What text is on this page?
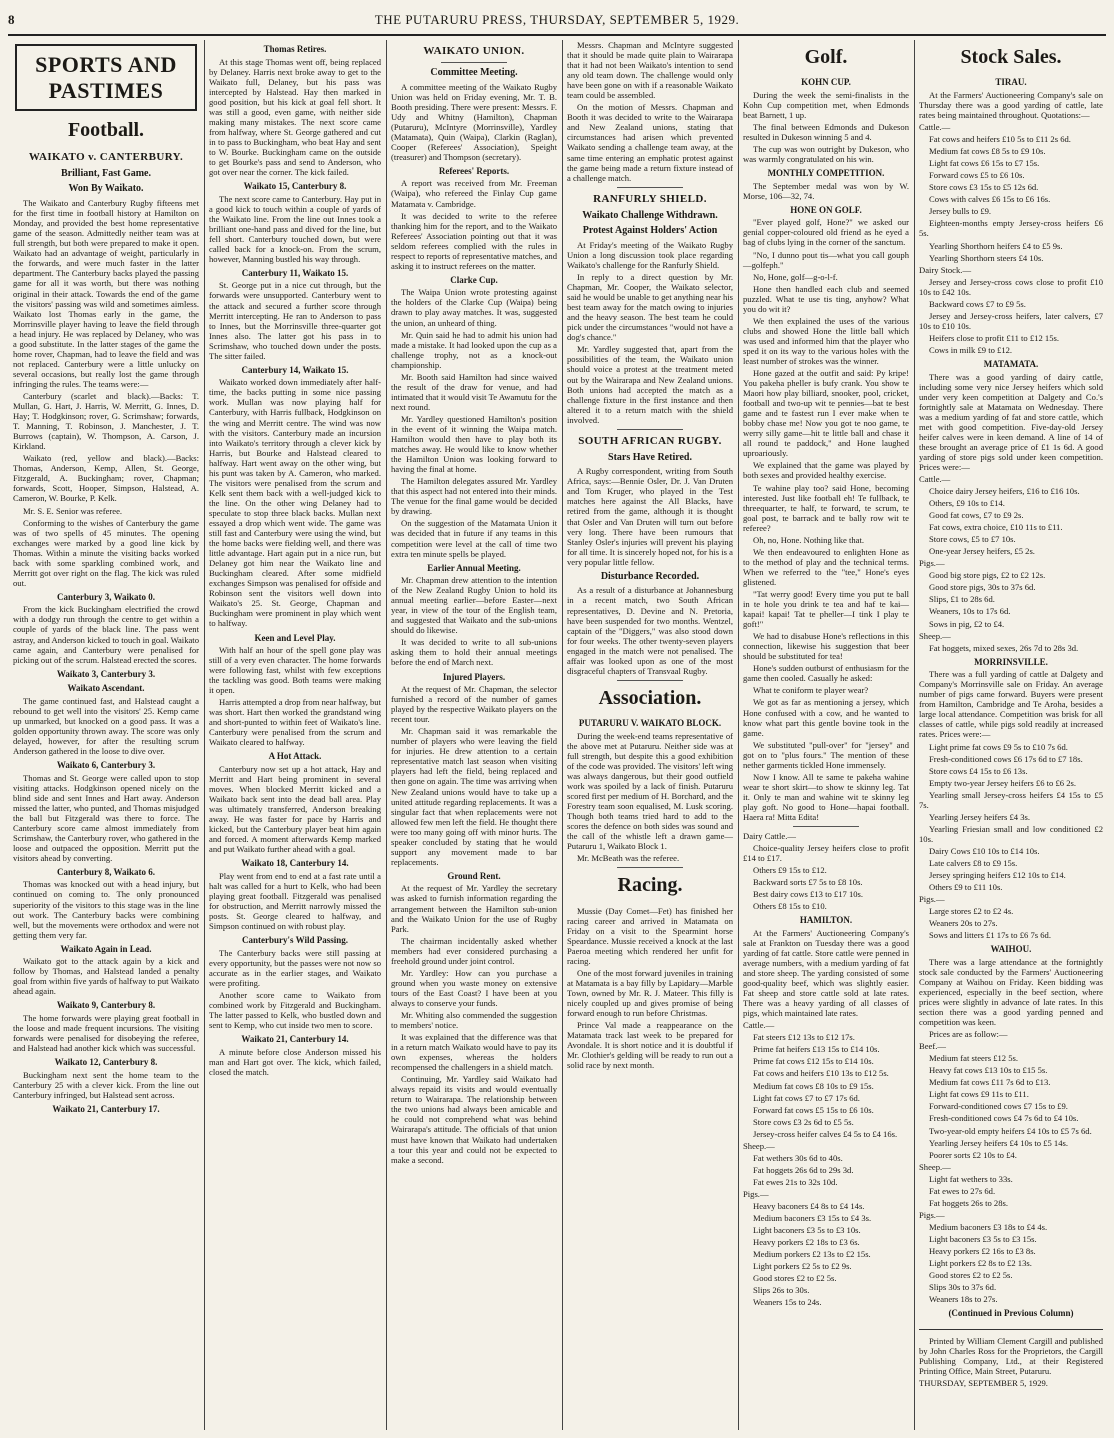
8	THE PUTARURU PRESS, THURSDAY, SEPTEMBER 5, 1929.
SPORTS AND PASTIMES
Football.
WAIKATO v. CANTERBURY.
Brilliant, Fast Game.
Won By Waikato.

The Waikato and Canterbury Rugby fifteens met for the first time in football history at Hamilton on Monday, and provided the best home representative game of the season. Admittedly neither team was at full strength, but both were prepared to make it open. Waikato had an advantage of weight, particularly in the forwards, and were much faster in the latter department. The Canterbury backs played the passing game for all it was worth, but there was nothing original in their attack. Towards the end of the game the visitors' passing was wild and sometimes aimless. Waikato lost Thomas early in the game, the Morrinsville player having to leave the field through a head injury. He was replaced by Delaney, who was a good substitute. In the latter stages of the game the home rover, Chapman, had to leave the field and was not replaced. Canterbury were a little unlucky on several occasions, but really lost the game through infringing the rules. The teams were:—

Canterbury (scarlet and black).—Backs: T. Mullan, G. Hart, J. Harris, W. Merritt, G. Innes, D. Hay; T. Hodgkinson; rover, G. Scrimshaw; forwards, T. Manning, T. Robinson, J. Manchester, J. T. Burrows (captain), W. Thompson, A. Carson, J. Kirkland.

Waikato (red, yellow and black).—Backs: Thomas, Anderson, Kemp, Allen, St. George, Fitzgerald, A. Buckingham; rover, Chapman; forwards, Scott, Hooper, Simpson, Halstead, A. Cameron, W. Bourke, P. Kelk.

Mr. S. E. Senior was referee.

Conforming to the wishes of Canterbury the game was of two spells of 45 minutes. The opening exchanges were marked by a good line kick by Thomas. Within a minute the visiting backs worked back with some sparkling combined work, and Merritt got over right on the flag. The kick was ruled out.

Canterbury 3, Waikato 0.

From the kick Buckingham electrified the crowd with a dodgy run through the centre to get within a couple of yards of the black line. The pass went astray, and Anderson kicked to touch in goal. Waikato came again, and Canterbury were penalised for picking out of the scrum. Halstead erected the scores.

Waikato 3, Canterbury 3.
Waikato Ascendant.

The game continued fast, and Halstead caught a rebound to get well into the visitors' 25. Kemp came up unmarked, but knocked on a good pass. It was a golden opportunity thrown away. The score was only delayed, however, for after the resulting scrum Anderson gathered in the loose to dive over.

Waikato 6, Canterbury 3.

Thomas and St. George were called upon to stop visiting attacks. Hodgkinson opened nicely on the blind side and sent Innes and Hart away. Anderson missed the latter, who punted, and Thomas misjudged the ball but Fitzgerald was there to force. The Canterbury score came almost immediately from Scrimshaw, the Canterbury rover, who gathered in the loose and outpaced the opposition. Merritt put the visitors ahead by converting.

Canterbury 8, Waikato 6.

Thomas was knocked out with a head injury, but continued on coming to. The only pronounced superiority of the visitors to this stage was in the line out work. The Canterbury backs were combining well, but the movements were orthodox and were not getting them very far.

Waikato Again in Lead.

Waikato got to the attack again by a kick and follow by Thomas, and Halstead landed a penalty goal from within five yards of halfway to put Waikato ahead again.

Waikato 9, Canterbury 8.

The home forwards were playing great football in the loose and made frequent incursions. The visiting forwards were penalised for disobeying the referee, and Halstead had another kick which was successful.

Waikato 12, Canterbury 8.

Buckingham next sent the home team to the Canterbury 25 with a clever kick. From the line out Canterbury infringed, but Halstead sent across.

Waikato 21, Canterbury 17.
Thomas Retires.

At this stage Thomas went off, being replaced by Delaney. Harris next broke away to get to the Waikato full, Delaney, but his pass was intercepted by Halstead. Hay then marked in good position, but his kick at goal fell short. It was still a good, even game, with neither side making many mistakes. The next score came from halfway, where St. George gathered and cut in to pass to Buckingham, who beat Hay and sent to W. Bourke. Buckingham came on the outside to get Bourke's pass and send to Anderson, who got over near the corner. The kick failed.

Waikato 15, Canterbury 8.

The next score came to Canterbury. Hay put in a good kick to touch within a couple of yards of the Waikato line. From the line out Innes took a brilliant one-hand pass and dived for the line, but fell short. Canterbury touched down, but were called back for a knock-on. From the scrum, however, Manning bustled his way through.

Canterbury 11, Waikato 15.

St. George put in a nice cut through, but the forwards were unsupported. Canterbury went to the attack and secured a further score through Merritt intercepting. He ran to Anderson to pass to Innes, but the Morrinsville three-quarter got Innes also. The latter got his pass in to Scrimshaw, who touched down under the posts. The sitter failed.

Canterbury 14, Waikato 15.

Waikato worked down immediately after half-time, the backs putting in some nice passing work. Mullan was now playing half for Canterbury, with Harris fullback, Hodgkinson on the wing and Merritt centre. The wind was now with the visitors. Canterbury made an incursion into Waikato's territory through a clever kick by Harris, but Bourke and Halstead cleared to halfway. Hart went away on the other wing, but his punt was taken by A. Cameron, who marked. The visitors were penalised from the scrum and Kelk sent them back with a well-judged kick to the line. On the other wing Delaney had to speculate to stop three black backs. Mullan next essayed a drop which went wide. The game was still fast and Canterbury were using the wind, but the home backs were fielding well, and there was little advantage. Hart again put in a nice run, but Delaney got him near the Waikato line and Buckingham cleared. After some midfield exchanges Simpson was penalised for offside and Robinson sent the visitors well down into Waikato's 25. St. George, Chapman and Buckingham were prominent in play which went to halfway.

Keen and Level Play.

With half an hour of the spell gone play was still of a very even character. The home forwards were following fast, whilst with few exceptions the tackling was good. Both teams were making it open.

Harris attempted a drop from near halfway, but was short. Hart then worked the grandstand wing and short-punted to within feet of Waikato's line. Canterbury were penalised from the scrum and Waikato cleared to halfway.

A Hot Attack.

Canterbury now set up a hot attack, Hay and Merritt and Hart being prominent in several moves. When blocked Merritt kicked and a Waikato back sent into the dead ball area. Play was ultimately transferred, Anderson breaking away. He was faster for pace by Harris and kicked, but the Canterbury player beat him again and forced. A moment afterwards Kemp marked and put Waikato further ahead with a goal.

Waikato 18, Canterbury 14.

Play went from end to end at a fast rate until a halt was called for a hurt to Kelk, who had been playing great football. Fitzgerald was penalised for obstruction, and Merritt narrowly missed the posts. St. George cleared to halfway, and Simpson continued on with robust play.

Canterbury's Wild Passing.

The Canterbury backs were still passing at every opportunity, but the passes were not now so accurate as in the earlier stages, and Waikato were profiting.

Another score came to Waikato from combined work by Fitzgerald and Buckingham. The latter passed to Kelk, who bustled down and sent to Kemp, who cut inside two men to score.

Waikato 21, Canterbury 14.

A minute before close Anderson missed his man and Hart got over. The kick, which failed, closed the match.

WAIKATO UNION.
Committee Meeting.

A committee meeting of the Waikato Rugby Union was held on Friday evening, Mr. T. B. Booth presiding. There were present: Messrs. F. Udy and Whitny (Hamilton), Chapman (Putaruru), McIntyre (Morrinsville), Yardley (Matamata), Quin (Waipa), Clarkin (Raglan), Cooper (Referees' Association), Speight (treasurer) and Thompson (secretary).

Referees' Reports.

A report was received from Mr. Freeman (Waipa), who refereed the Finlay Cup game Matamata v. Cambridge.

It was decided to write to the referee thanking him for the report, and to the Waikato Referees' Association pointing out that it was seldom referees complied with the rules in respect to reports of representative matches, and asking it to instruct referees on the matter.

Clarke Cup.

The Waipa Union wrote protesting against the holders of the Clarke Cup (Waipa) being drawn to play away matches. It was, suggested the union, an unheard of thing.

Mr. Quin said he had to admit his union had made a mistake. It had looked upon the cup as a challenge trophy, not as a knock-out championship.

Mr. Booth said Hamilton had since waived the result of the draw for venue, and had intimated that it would visit Te Awamutu for the next round.

Mr. Yardley questioned Hamilton's position in the event of it winning the Waipa match. Hamilton would then have to play both its matches away. He would like to know whether the Hamilton Union was looking forward to having the final at home.

The Hamilton delegates assured Mr. Yardley that this aspect had not entered into their minds. The venue for the final game would be decided by drawing.

On the suggestion of the Matamata Union it was decided that in future if any teams in this competition were level at the call of time two extra ten minute spells be played.

Earlier Annual Meeting.

Mr. Chapman drew attention to the intention of the New Zealand Rugby Union to hold its annual meeting earlier—before Easter—next year, in view of the tour of the English team, and suggested that Waikato and the sub-unions should do likewise.

It was decided to write to all sub-unions asking them to hold their annual meetings before the end of March next.

Injured Players.

At the request of Mr. Chapman, the selector furnished a record of the number of games played by the respective Waikato players on the recent tour.

Mr. Chapman said it was remarkable the number of players who were leaving the field for injuries. He drew attention to a certain representative match last season when visiting players had left the field, being replaced and then gone on again. The time was arriving when New Zealand unions would have to take up a united attitude regarding replacements. It was a singular fact that when replacements were not allowed few men left the field. He thought there were too many going off with minor hurts. The speaker concluded by stating that he would support any movement made to bar replacements.

Ground Rent.

At the request of Mr. Yardley the secretary was asked to furnish information regarding the arrangement between the Hamilton sub-union and the Waikato Union for the use of Rugby Park.

The chairman incidentally asked whether members had ever considered purchasing a freehold ground under joint control.

Mr. Yardley: How can you purchase a ground when you waste money on extensive tours of the East Coast? I have been at you always to conserve your funds.

Mr. Whiting also commended the suggestion to members' notice.

It was explained that the difference was that in a return match Waikato would have to pay its own expenses, whereas the holders recompensed the challengers in a shield match.

Continuing, Mr. Yardley said Waikato had always repaid its visits and would eventually return to Wairarapa. The relationship between the two unions had always been amicable and he could not comprehend what was behind Wairarapa's attitude. The officials of that union must have known that Waikato had undertaken a tour this year and could not be expected to make a second.

Messrs. Chapman and McIntyre suggested that it should be made quite plain to Wairarapa that it had not been Waikato's intention to send any old team down. The challenge would only have been gone on with if a reasonable Waikato team could be assembled.

On the motion of Messrs. Chapman and Booth it was decided to write to the Wairarapa and New Zealand unions, stating that circumstances had arisen which prevented Waikato sending a challenge team away, at the same time entering an emphatic protest against the game being made a return fixture instead of a challenge match.

RANFURLY SHIELD.
Waikato Challenge Withdrawn.
Protest Against Holders' Action

At Friday's meeting of the Waikato Rugby Union a long discussion took place regarding Waikato's challenge for the Ranfurly Shield.

In reply to a direct question by Mr. Chapman, Mr. Cooper, the Waikato selector, said he would be unable to get anything near his best team away for the match owing to injuries and the heavy season. The best team he could pick under the circumstances "would not have a dog's chance."

Mr. Yardley suggested that, apart from the possibilities of the team, the Waikato union should voice a protest at the treatment meted out by the Wairarapa and New Zealand unions. Both unions had accepted the match as a challenge fixture in the first instance and then altered it to a return match with the shield involved.

SOUTH AFRICAN RUGBY.
Stars Have Retired.

A Rugby correspondent, writing from South Africa, says:—Bennie Osler, Dr. J. Van Druten and Tom Kruger, who played in the Test matches here against the All Blacks, have retired from the game, although it is thought that Osler and Van Druten will turn out before very long. There have been rumours that Stanley Osler's injuries will prevent his playing for all time. It is sincerely hoped not, for his is a very popular little fellow.

Disturbance Recorded.

As a result of a disturbance at Johannesburg in a recent match, two South African representatives, D. Devine and N. Pretoria, have been suspended for two months. Wentzel, captain of the "Diggers," was also stood down for four weeks. The other twenty-seven players engaged in the match were not penalised. The affair was looked upon as one of the most disgraceful chapters of Transvaal Rugby.

Association.
PUTARURU V. WAIKATO BLOCK.

During the week-end teams representative of the above met at Putaruru. Neither side was at full strength, but despite this a good exhibition of the code was provided. The visitors' left wing was always dangerous, but their good outfield work was spoiled by a lack of finish. Putaruru scored first per medium of H. Borchard, and the Forestry team soon equalised, M. Lusk scoring. Though both teams tried hard to add to the scores the defence on both sides was sound and the call of the whistle left a drawn game—Putaruru 1, Waikato Block 1.

Mr. McBeath was the referee.

Racing.

Mussie (Day Comet—Fet) has finished her racing career and arrived in Matamata on Friday on a visit to the Spearmint horse Speardance. Mussie received a knock at the last Paeroa meeting which rendered her unfit for racing.

One of the most forward juveniles in training at Matamata is a bay filly by Lapidary—Marble Town, owned by Mr. R. J. Mateer. This filly is nicely coupled up and gives promise of being forward enough to run before Christmas.

Prince Val made a reappearance on the Matamata track last week to be prepared for Avondale. It is short notice and it is doubtful if Mr. Clothier's gelding will be ready to run out a solid race by next month.

Golf.
KOHN CUP.

During the week the semi-finalists in the Kohn Cup competition met, when Edmonds beat Barnett, 1 up.

The final between Edmonds and Dukeson resulted in Dukeson winning 5 and 4.

The cup was won outright by Dukeson, who was warmly congratulated on his win.

MONTHLY COMPETITION.

The September medal was won by W. Morse, 106—32, 74.

HONE ON GOLF.

"Ever played golf, Hone?" we asked our genial copper-coloured old friend as he eyed a bag of clubs lying in the corner of the sanctum.

"No, I dunno pout tis—what you call gouph—golfeph."

No, Hone, golf—g-o-l-f.

Hone then handled each club and seemed puzzled. What te use tis ting, anyhow? What you do wit it?

We then explained the uses of the various clubs and showed Hone the little ball which was used and informed him that the player who sped it on its way to the various holes with the least number of strokes was the winner.

Hone gazed at the outfit and said: Py kripe! You pakeha pheller is bufy crank. You show te Maori how play billiard, snooker, pool, cricket, football and two-up wit te pennies—bat te best game and te fastest run I ever make when te bobby chase me! Now you got te noo game, te werry silly game—hit te little ball and chase it all round te paddock," and Hone laughed uproariously.

We explained that the game was played by both sexes and provided healthy exercise.

Te wahine play too? said Hone, becoming interested. Just like football eh! Te fullback, te threequarter, te half, te forward, te scrum, te goal post, te barrack and te bally row wit te referee?

Oh, no, Hone. Nothing like that.

We then endeavoured to enlighten Hone as to the method of play and the technical terms. When we referred to the "tee," Hone's eyes glistened.

"Tat werry good! Every time you put te ball in te hole you drink te tea and haf te kai—kapai! kapai! Tat te pheller—I tink I play te goft!"

We had to disabuse Hone's reflections in this connection, likewise his suggestion that beer should be substituted for tea!

Hone's sudden outburst of enthusiasm for the game then cooled. Casually he asked:

What te coniform te player wear?

We got as far as mentioning a jersey, which Hone confused with a cow, and he wanted to know what part this gentle bovine took in the game.

We substituted "pull-over" for "jersey" and got on to "plus fours." The mention of these nether garments tickled Hone immensely.

Now I know. All te same te pakeha wahine wear te short skirt—to show te skinny leg. Tat it. Only te man and wahine wit te skinny leg play goft. No good to Hone—hapai football. Haera ra! Mitta Edita!

Dairy Cattle.—

Choice-quality Jersey heifers close to profit £14 to £17.

Others £9 15s to £12.

Backward sorts £7 5s to £8 10s.

Best dairy cows £13 to £17 10s.

Others £8 15s to £10.

HAMILTON.

At the Farmers' Auctioneering Company's sale at Frankton on Tuesday there was a good yarding of fat cattle. Store cattle were penned in average numbers, with a medium yarding of fat and store sheep. The yarding consisted of some good-quality beef, which was slightly easier. Fat sheep and store cattle sold at late rates. There was a heavy yarding of all classes of pigs, which maintained late rates.

Cattle.—

Fat steers £12 13s to £12 17s.

Prime fat heifers £13 15s to £14 10s.

Prime fat cows £12 15s to £14 10s.

Fat cows and heifers £10 13s to £12 5s.

Medium fat cows £8 10s to £9 15s.

Light fat cows £7 to £7 17s 6d.

Forward fat cows £5 15s to £6 10s.

Store cows £3 2s 6d to £5 5s.

Jersey-cross heifer calves £4 5s to £4 16s.

Sheep.—

Fat wethers 30s 6d to 40s.

Fat hoggets 26s 6d to 29s 3d.

Fat ewes 21s to 32s 10d.

Pigs.—

Heavy baconers £4 8s to £4 14s.

Medium baconers £3 15s to £4 3s.

Light baconers £3 5s to £3 10s.

Heavy porkers £2 18s to £3 6s.

Medium porkers £2 13s to £2 15s.

Light porkers £2 5s to £2 9s.

Good stores £2 to £2 5s.

Slips 26s to 30s.

Weaners 15s to 24s.

Stock Sales.
TIRAU.

At the Farmers' Auctioneering Company's sale on Thursday there was a good yarding of cattle, late rates being maintained throughout. Quotations:—

Cattle.—

Fat cows and heifers £10 5s to £11 2s 6d.

Medium fat cows £8 5s to £9 10s.

Light fat cows £6 15s to £7 15s.

Forward cows £5 to £6 10s.

Store cows £3 15s to £5 12s 6d.

Cows with calves £6 15s to £6 16s.

Jersey bulls to £9.

Eighteen-months empty Jersey-cross heifers £6 5s.

Yearling Shorthorn heifers £4 to £5 9s.

Yearling Shorthorn steers £4 10s.

Dairy Stock.—

Jersey and Jersey-cross cows close to profit £10 10s to £42 10s.

Backward cows £7 to £9 5s.

Jersey and Jersey-cross heifers, later calvers, £7 10s to £10 10s.

Heifers close to profit £11 to £12 15s.

Cows in milk £9 to £12.

MATAMATA.

There was a good yarding of dairy cattle, including some very nice Jersey heifers which sold under very keen competition at Dalgety and Co.'s fortnightly sale at Matamata on Wednesday. There was a medium yarding of fat and store cattle, which met with good competition. Five-day-old Jersey heifer calves were in keen demand. A line of 14 of these brought an average price of £1 1s 6d. A good yarding of store pigs sold under keen competition. Prices were:—

Cattle.—

Choice dairy Jersey heifers, £16 to £16 10s.

Others, £9 10s to £14.

Good fat cows, £7 to £9 2s.

Fat cows, extra choice, £10 11s to £11.

Store cows, £5 to £7 10s.

One-year Jersey heifers, £5 2s.

Pigs.—

Good big store pigs, £2 to £2 12s.

Good store pigs, 30s to 37s 6d.

Slips, £1 to 28s 6d.

Weaners, 10s to 17s 6d.

Sows in pig, £2 to £4.

Sheep.—

Fat hoggets, mixed sexes, 26s 7d to 28s 3d.

MORRINSVILLE.

There was a full yarding of cattle at Dalgety and Company's Morrinsville sale on Friday. An average number of pigs came forward. Buyers were present from Hamilton, Cambridge and Te Aroha, besides a large local attendance. Competition was brisk for all classes of cattle, while pigs sold readily at increased rates. Prices were:—

Light prime fat cows £9 5s to £10 7s 6d.

Fresh-conditioned cows £6 17s 6d to £7 18s.

Store cows £4 15s to £6 13s.

Empty two-year Jersey heifers £6 to £6 2s.

Yearling small Jersey-cross heifers £4 15s to £5 7s.

Yearling Jersey heifers £4 3s.

Yearling Friesian small and low conditioned £2 10s.

Dairy Cows £10 10s to £14 10s.

Late calvers £8 to £9 15s.

Jersey springing heifers £12 10s to £14.

Others £9 to £11 10s.

Pigs.—

Large stores £2 to £2 4s.

Weaners 20s to 27s.

Sows and litters £1 17s to £6 7s 6d.

WAIHOU.

There was a large attendance at the fortnightly stock sale conducted by the Farmers' Auctioneering Company at Waihou on Friday. Keen bidding was experienced, especially in the beef section, where prices were slightly in advance of late rates. In this section there was a good yarding penned and competition was keen.

Prices are as follow:—

Beef.—

Medium fat steers £12 5s.

Heavy fat cows £13 10s to £15 5s.

Medium fat cows £11 7s 6d to £13.

Light fat cows £9 11s to £11.

Forward-conditioned cows £7 15s to £9.

Fresh-conditioned cows £4 7s 6d to £4 10s.

Two-year-old empty heifers £4 10s to £5 7s 6d.

Yearling Jersey heifers £4 10s to £5 14s.

Poorer sorts £2 10s to £4.

Sheep.—

Light fat wethers to 33s.

Fat ewes to 27s 6d.

Fat hoggets 26s to 28s.

Pigs.—

Medium baconers £3 18s to £4 4s.

Light baconers £3 5s to £3 15s.

Heavy porkers £2 16s to £3 8s.

Light porkers £2 8s to £2 13s.

Good stores £2 to £2 5s.

Slips 30s to 37s 6d.

Weaners 18s to 27s.

(Continued in Previous Column)

Printed by William Clement Cargill and published by John Charles Ross for the Proprietors, the Cargill Publishing Company, Ltd., at their Registered Printing Office, Main Street, Putaruru.

THURSDAY, SEPTEMBER 5, 1929.
